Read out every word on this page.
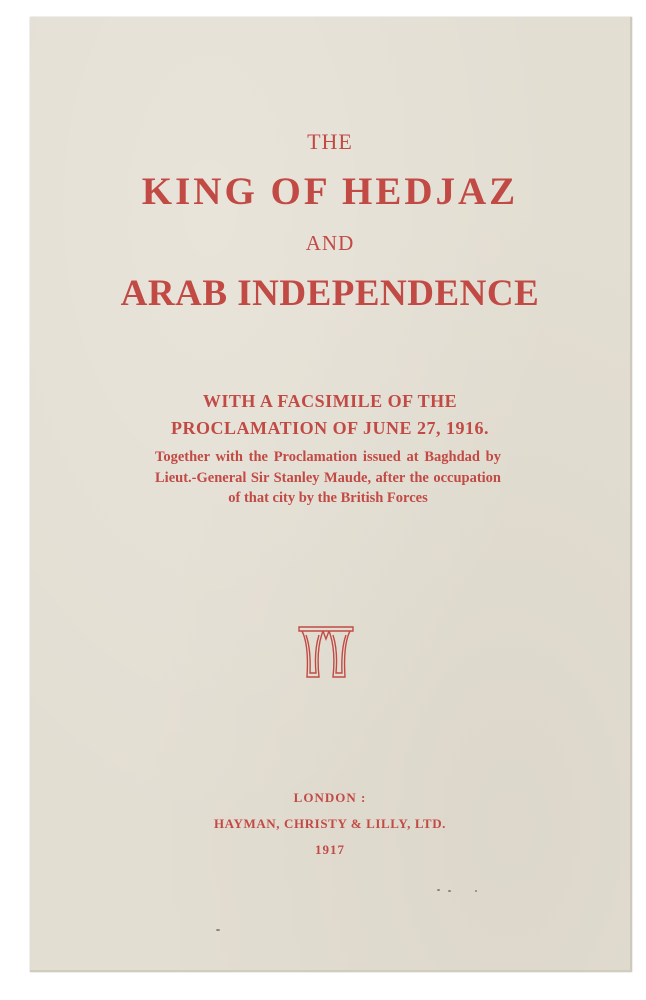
THE
KING OF HEDJAZ
AND
ARAB INDEPENDENCE
WITH A FACSIMILE OF THE
PROCLAMATION OF JUNE 27, 1916.
Together with the Proclamation issued at Baghdad by Lieut.-General Sir Stanley Maude, after the occupation of that city by the British Forces
LONDON :
HAYMAN, CHRISTY & LILLY, LTD.
1917
